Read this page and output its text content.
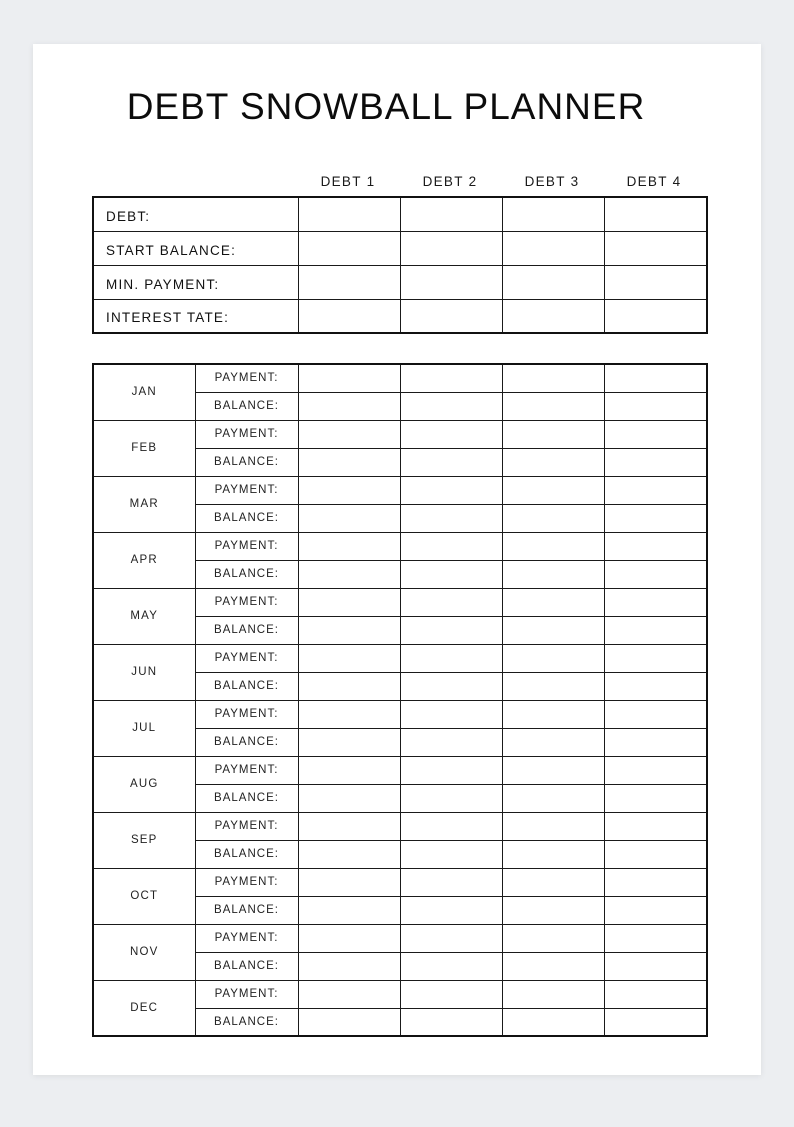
DEBT SNOWBALL PLANNER
DEBT 1	DEBT 2	DEBT 3	DEBT 4
DEBT:				
START BALANCE:				
MIN. PAYMENT:				
INTEREST TATE:				
JAN	PAYMENT:				
	BALANCE:				
FEB	PAYMENT:				
	BALANCE:				
MAR	PAYMENT:				
	BALANCE:				
APR	PAYMENT:				
	BALANCE:				
MAY	PAYMENT:				
	BALANCE:				
JUN	PAYMENT:				
	BALANCE:				
JUL	PAYMENT:				
	BALANCE:				
AUG	PAYMENT:				
	BALANCE:				
SEP	PAYMENT:				
	BALANCE:				
OCT	PAYMENT:				
	BALANCE:				
NOV	PAYMENT:				
	BALANCE:				
DEC	PAYMENT:				
	BALANCE:				
